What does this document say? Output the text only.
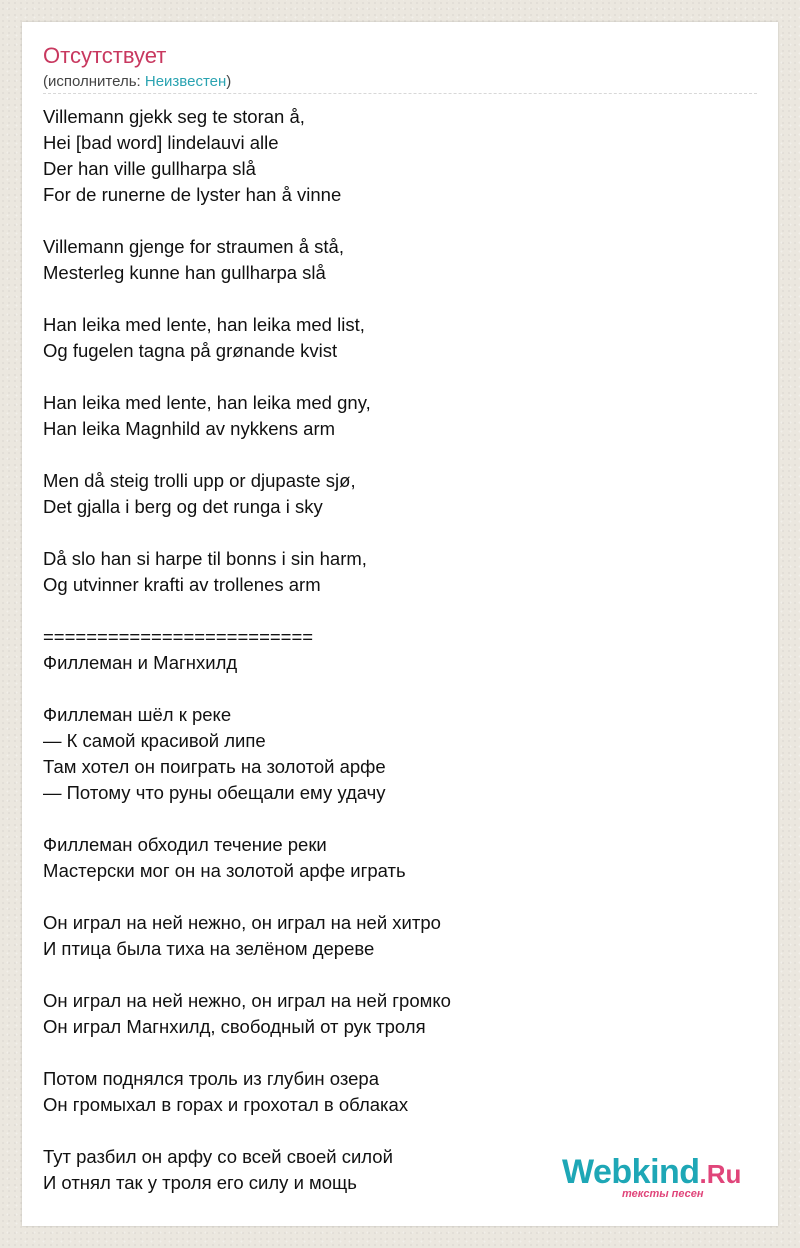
Отсутствует
(исполнитель: Неизвестен)
Villemann gjekk seg te storan å,
Hei [bad word] lindelauvi alle
Der han ville gullharpa slå
For de runerne de lyster han å vinne
Villemann gjenge for straumen å stå,
Mesterleg kunne han gullharpa slå
Han leika med lente, han leika med list,
Og fugelen tagna på grønande kvist
Han leika med lente, han leika med gny,
Han leika Magnhild av nykkens arm
Men då steig trolli upp or djupaste sjø,
Det gjalla i berg og det runga i sky
Då slo han si harpe til bonns i sin harm,
Og utvinner krafti av trollenes arm
=========================
Филлеман и Магнхилд
Филлеман шёл к реке
— К самой красивой липе
Там хотел он поиграть на золотой арфе
— Потому что руны обещали ему удачу
Филлеман обходил течение реки
Мастерски мог он на золотой арфе играть
Он играл на ней нежно, он играл на ней хитро
И птица была тиха на зелёном дереве
Он играл на ней нежно, он играл на ней громко
Он играл Магнхилд, свободный от рук троля
Потом поднялся троль из глубин озера
Он громыхал в горах и грохотал в облаках
Тут разбил он арфу со всей своей силой
И отнял так у троля его силу и мощь	Webkind.Ru
тексты песен
